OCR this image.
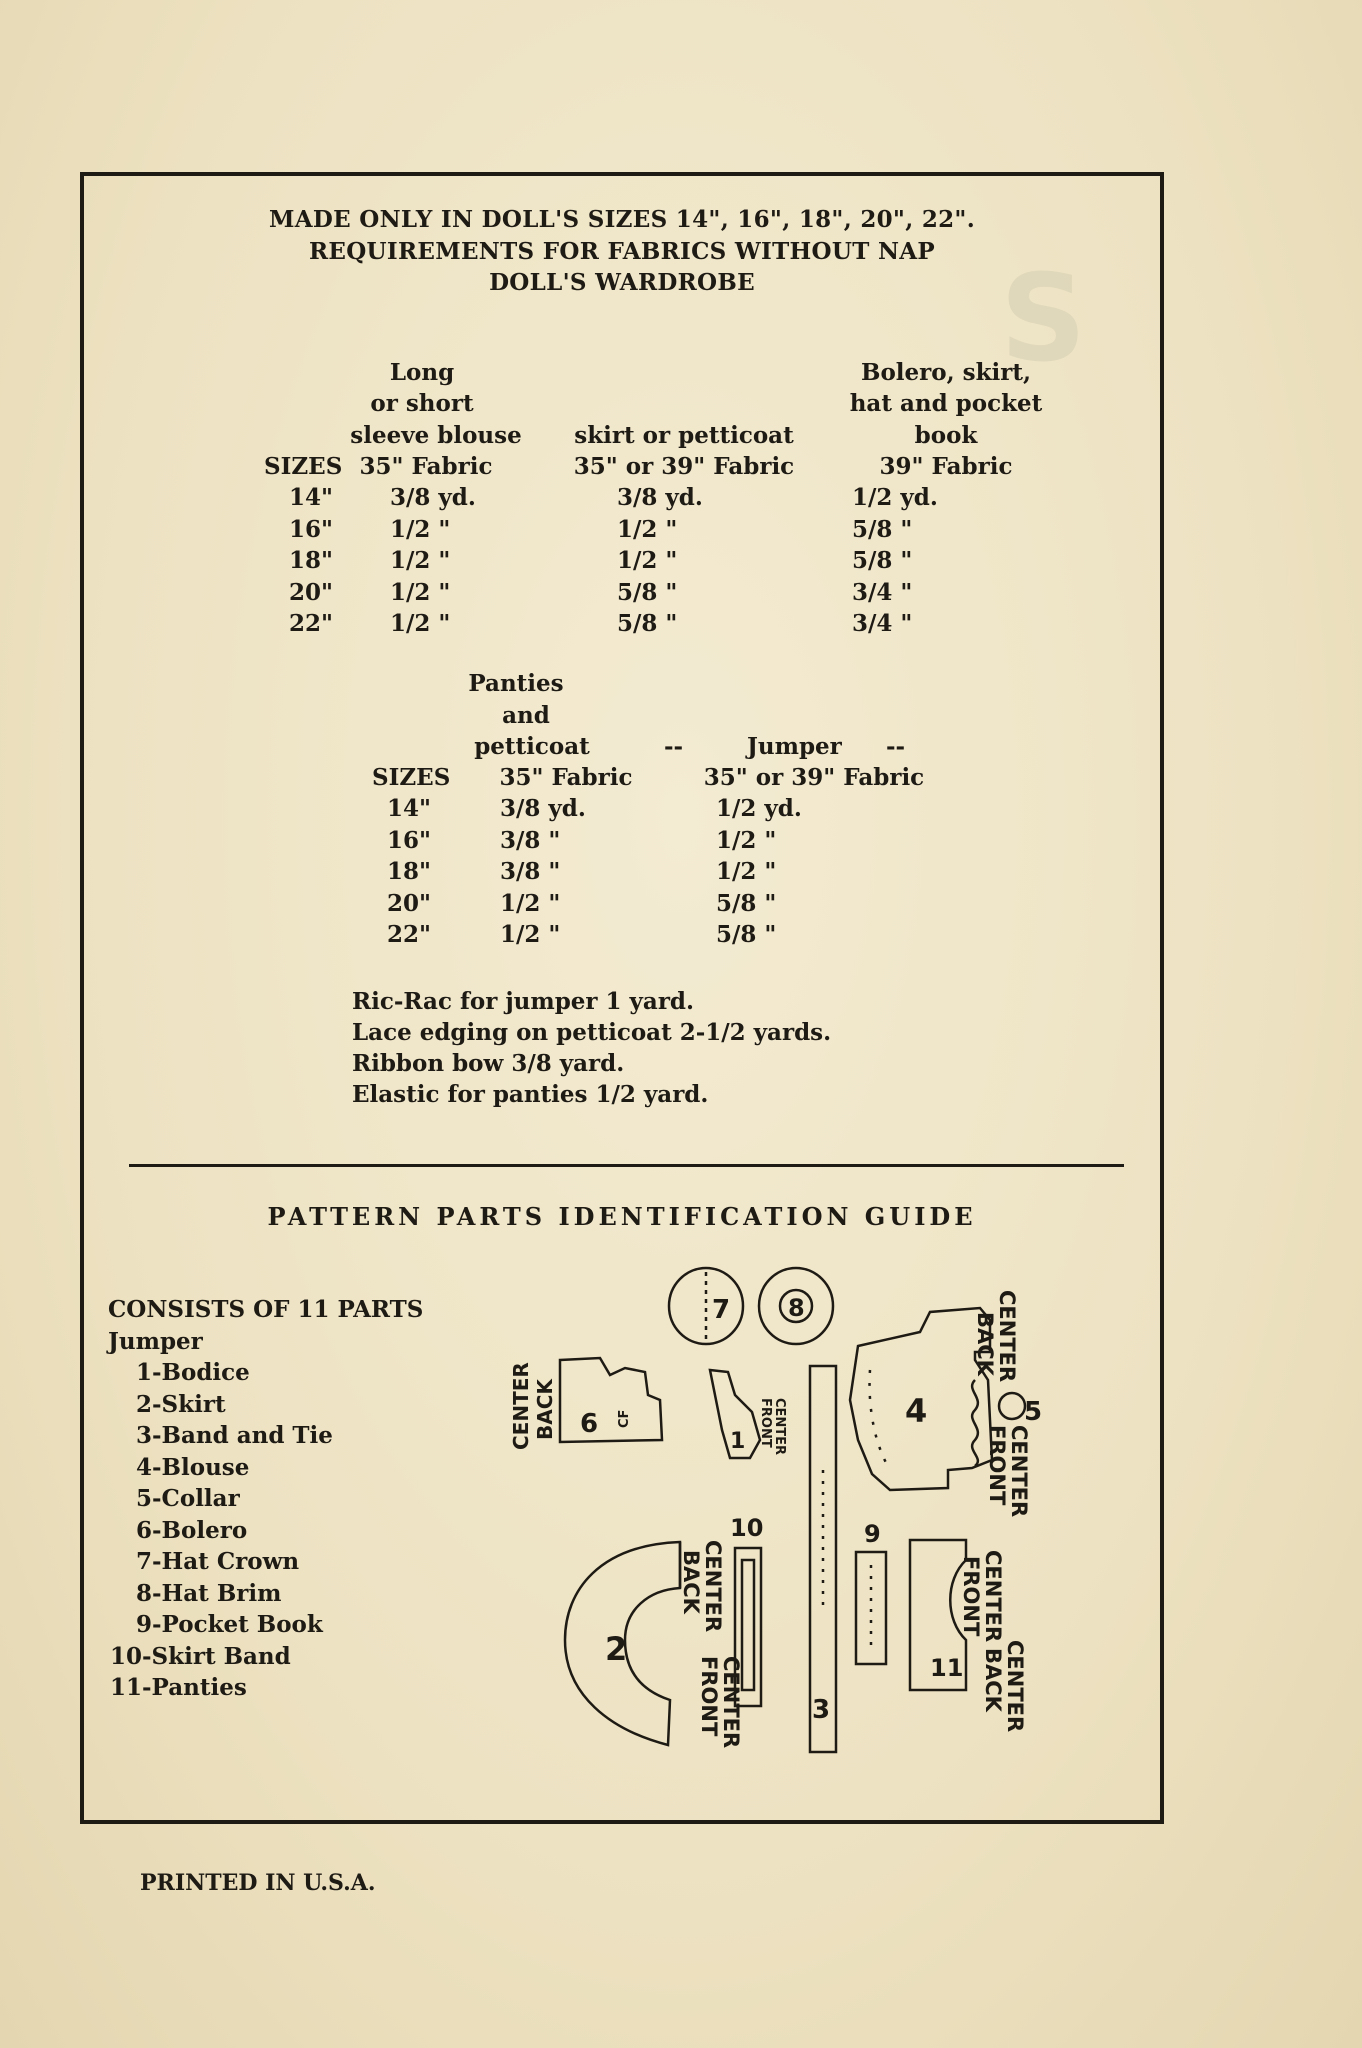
S
MADE ONLY IN DOLL'S SIZES 14", 16", 18", 20", 22".
REQUIREMENTS FOR FABRICS WITHOUT NAP
DOLL'S WARDROBE
Long
or short
sleeve blouse
35" Fabric
skirt or petticoat
35" or 39" Fabric
Bolero, skirt,
hat and pocket
book
39" Fabric
SIZES
14" 3/8 yd.	3/8 yd.	1/2 yd.
16" 1/2 "	1/2 "	5/8 "
18" 1/2 "	1/2 "	5/8 "
20" 1/2 "	5/8 "	3/4 "
22" 1/2 "	5/8 "	3/4 "
Panties
and
petticoat
35" Fabric
--	Jumper --
35" or 39" Fabric
SIZES
14"	3/8 yd.	1/2 yd.
16"	3/8 "	1/2 "
18"	3/8 "	1/2 "
20"	1/2 "	5/8 "
22"	1/2 "	5/8 "
Ric-Rac for jumper 1 yard.
Lace edging on petticoat 2-1/2 yards.
Ribbon bow 3/8 yard.
Elastic for panties 1/2 yard.
PATTERN PARTS IDENTIFICATION GUIDE
CONSISTS OF 11 PARTS
Jumper
1-Bodice
2-Skirt
3-Band and Tie
4-Blouse
5-Collar
6-Bolero
7-Hat Crown
8-Hat Brim
9-Pocket Book
10-Skirt Band
11-Panties
6 CF
CENTER BACK
7 8
1 CENTER
FRONT
3
4	5
CENTER
BACK
CENTER
FRONT
2
CENTER
BACK
CENTER
FRONT
10	9
11
CENTER
FRONT
CENTER
BACK
PRINTED IN U.S.A.
